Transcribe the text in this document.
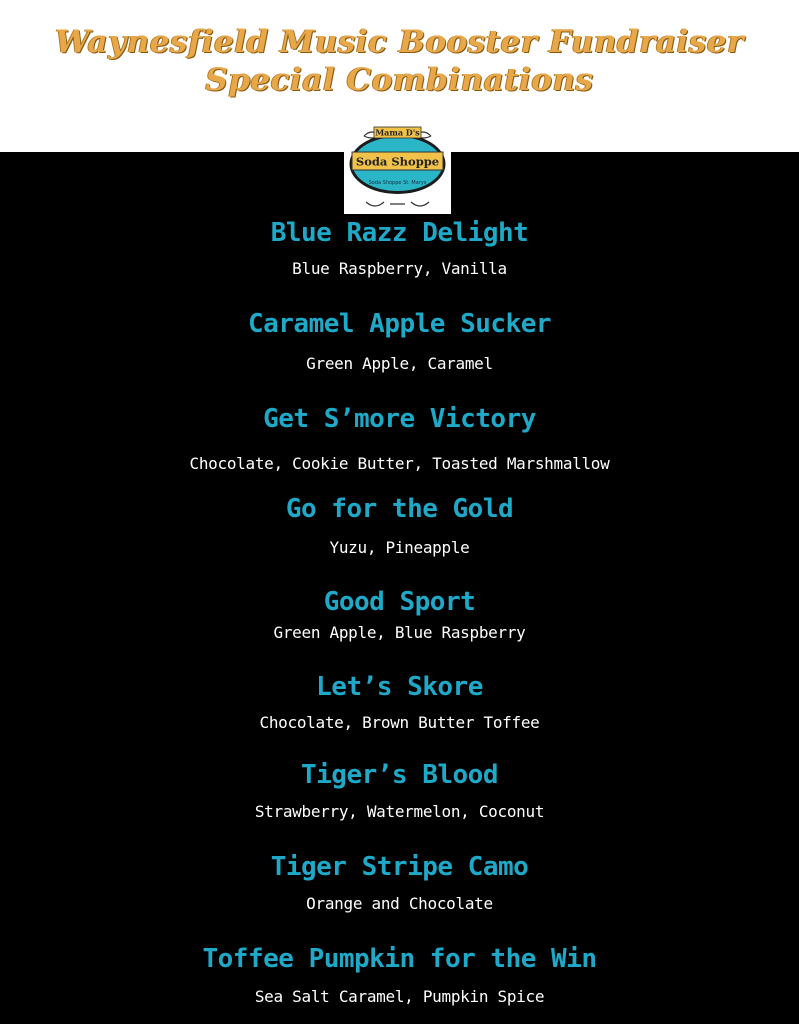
Waynesfield Music Booster Fundraiser
Special Combinations
Mama D's
Soda Shoppe
Soda Shoppe St. Marys
Blue Razz Delight
Blue Raspberry, Vanilla
Caramel Apple Sucker
Green Apple, Caramel
Get S’more Victory
Chocolate, Cookie Butter, Toasted Marshmallow
Go for the Gold
Yuzu, Pineapple
Good Sport
Green Apple, Blue Raspberry
Let’s Skore
Chocolate, Brown Butter Toffee
Tiger’s Blood
Strawberry, Watermelon, Coconut
Tiger Stripe Camo
Orange and Chocolate
Toffee Pumpkin for the Win
Sea Salt Caramel, Pumpkin Spice
